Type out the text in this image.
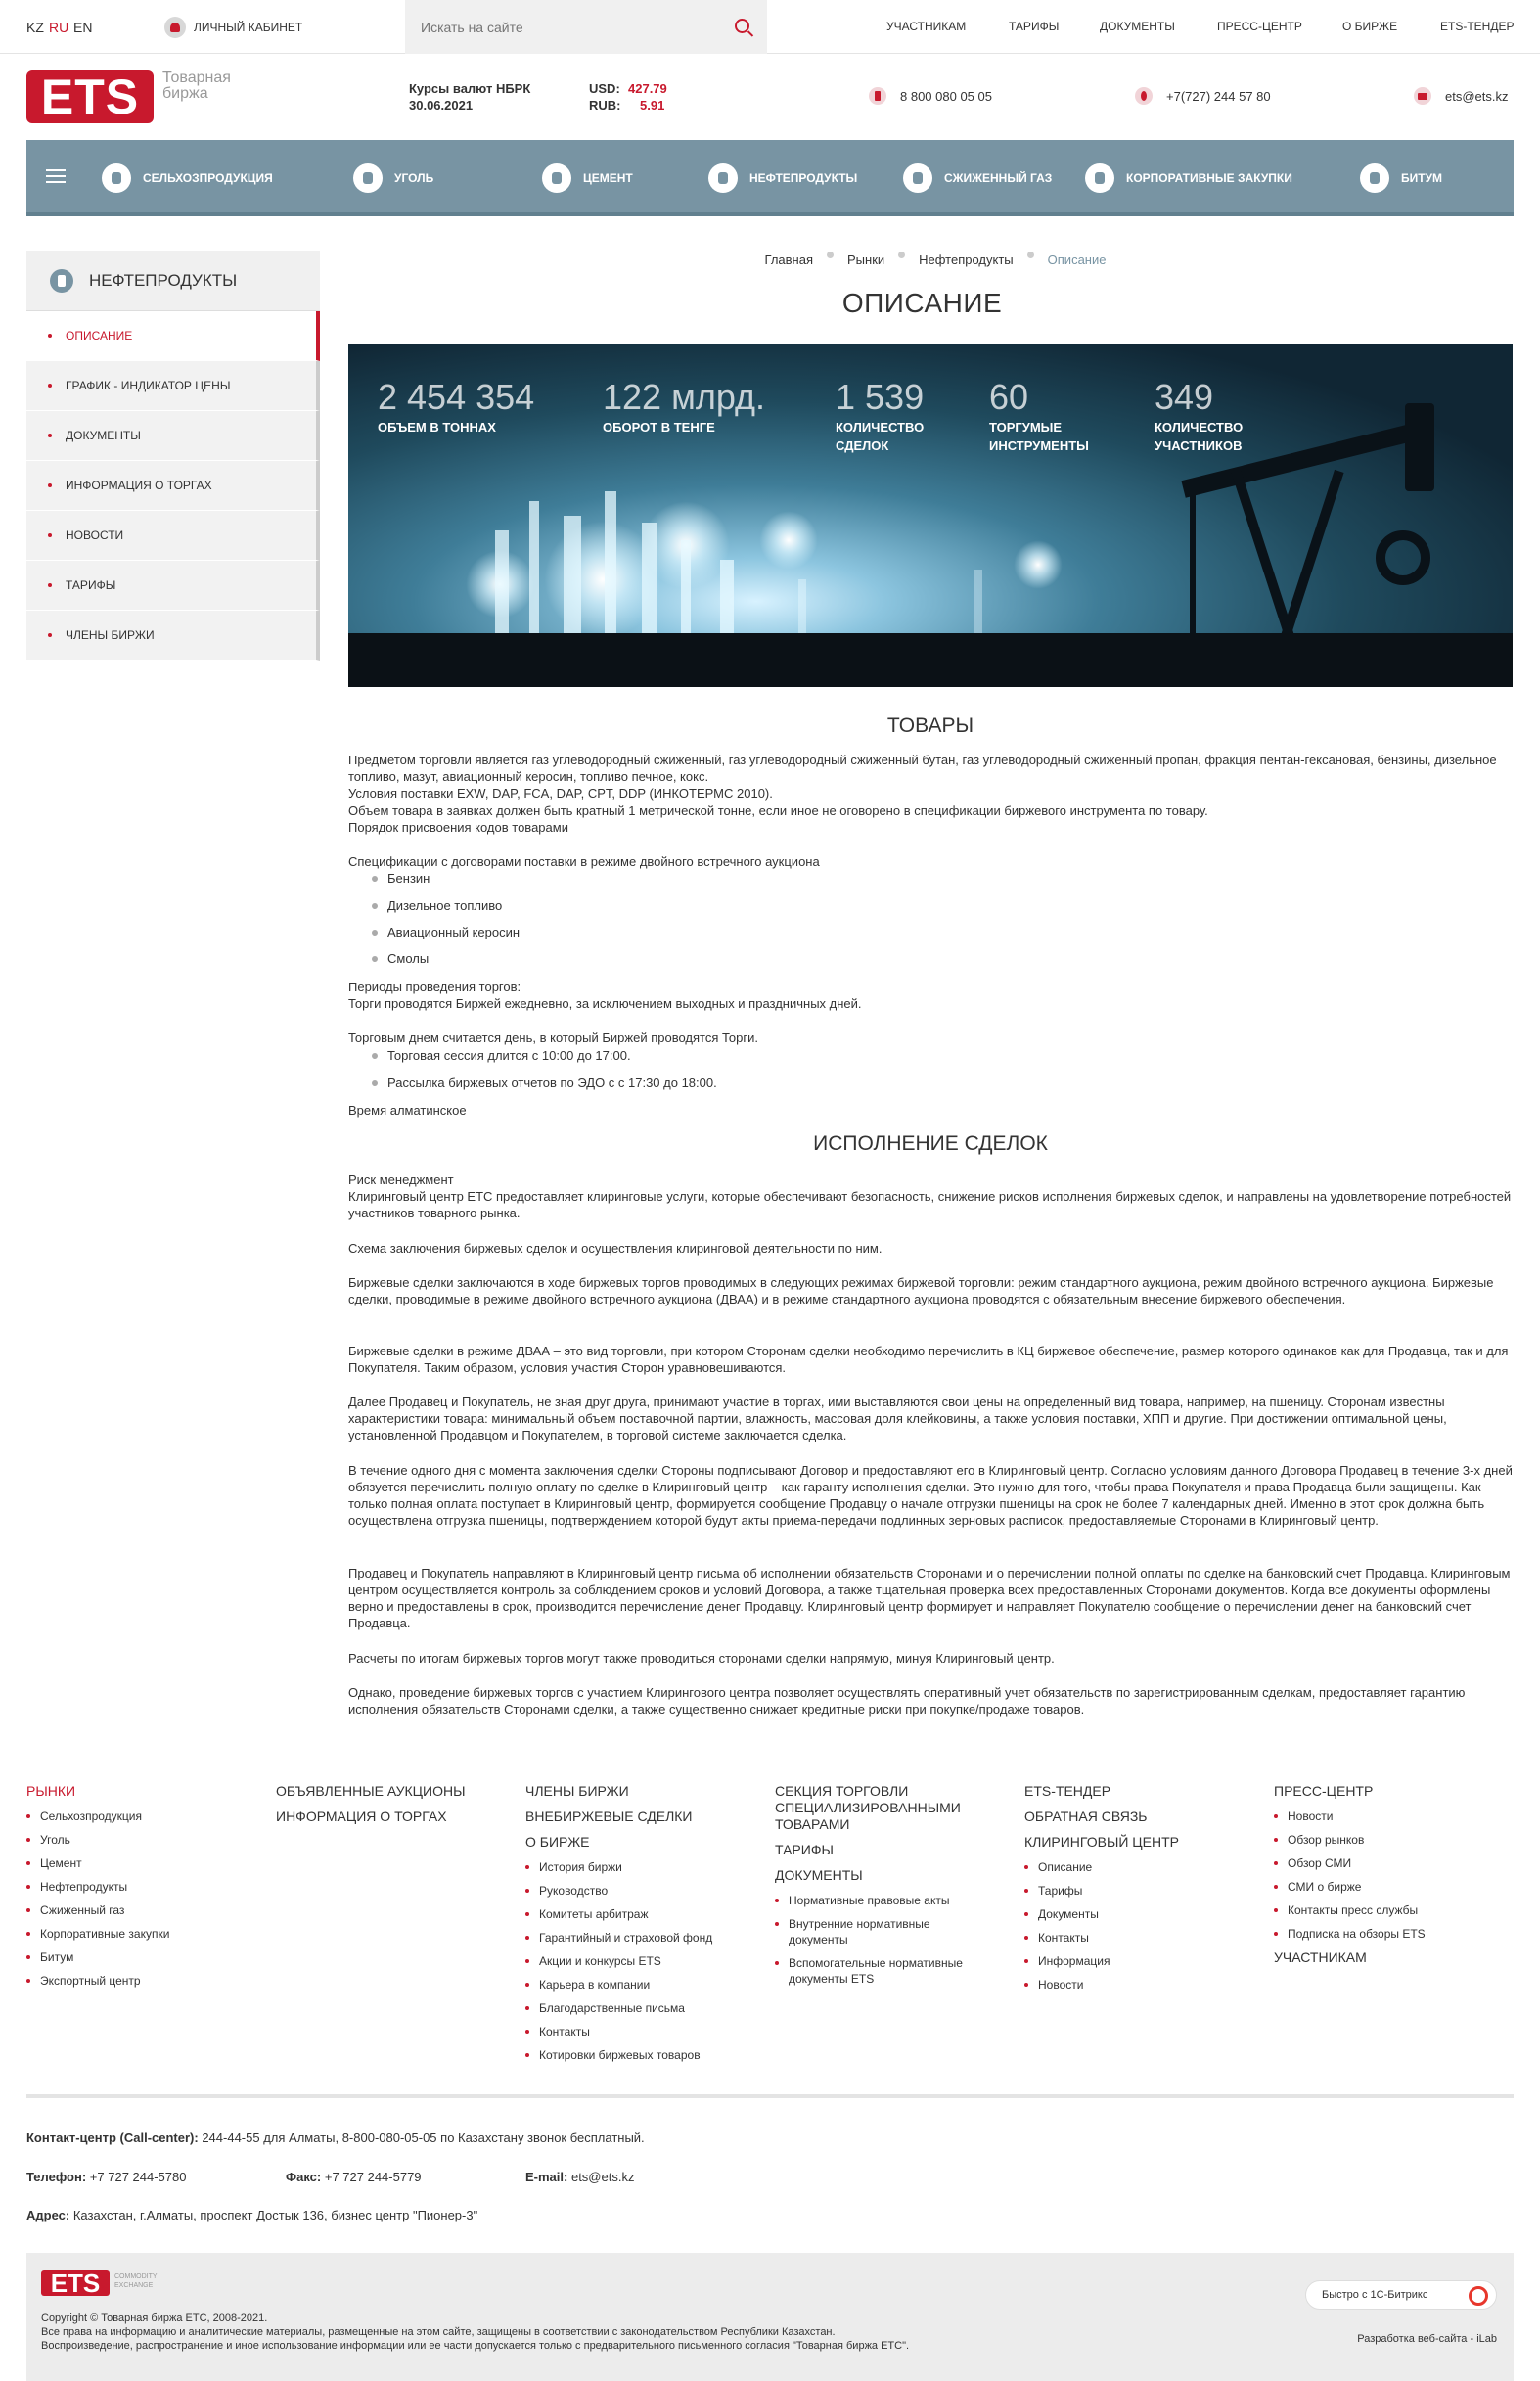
KZ RU EN	ЛИЧНЫЙ КАБИНЕТ
Искать на сайте	УЧАСТНИКАМ	ТАРИФЫ	ДОКУМЕНТЫ	ПРЕСС-ЦЕНТР	О БИРЖЕ	ETS-ТЕНДЕР
ETS	Товарная
биржа	Курсы валют НБРК
30.06.2021
USD: 427.79
RUB: 5.91
8 800 080 05 05	+7(727) 244 57 80	ets@ets.kz
СЕЛЬХОЗПРОДУКЦИЯ	УГОЛЬ	ЦЕМЕНТ	НЕФТЕПРОДУКТЫ	СЖИЖЕННЫЙ ГАЗ	КОРПОРАТИВНЫЕ ЗАКУПКИ	БИТУМ
НЕФТЕПРОДУКТЫ
ОПИСАНИЕ
ГРАФИК - ИНДИКАТОР ЦЕНЫ
ДОКУМЕНТЫ
ИНФОРМАЦИЯ О ТОРГАХ
НОВОСТИ
ТАРИФЫ
ЧЛЕНЫ БИРЖИ
Главная	Рынки	Нефтепродукты	Описание
ОПИСАНИЕ
2 454 354
ОБЪЕМ В ТОННАХ
122 млрд.
ОБОРОТ В ТЕНГЕ
1 539
КОЛИЧЕСТВО
СДЕЛОК
60
ТОРГУМЫЕ
ИНСТРУМЕНТЫ
349
КОЛИЧЕСТВО
УЧАСТНИКОВ
ТОВАРЫ
Предметом торговли является газ углеводородный сжиженный, газ углеводородный сжиженный бутан, газ углеводородный сжиженный пропан, фракция пентан-гексановая, бензины, дизельное топливо, мазут, авиационный керосин, топливо печное, кокс.
Условия поставки EXW, DAP, FCA, DAP, CPT, DDP (ИНКОТЕРМС 2010).
Объем товара в заявках должен быть кратный 1 метрической тонне, если иное не оговорено в спецификации биржевого инструмента по товару.
Порядок присвоения кодов товарами
Спецификации с договорами поставки в режиме двойного встречного аукциона
Бензин
Дизельное топливо
Авиационный керосин
Смолы
Периоды проведения торгов:
Торги проводятся Биржей ежедневно, за исключением выходных и праздничных дней.
Торговым днем считается день, в который Биржей проводятся Торги.
Торговая сессия длится с 10:00 до 17:00.
Рассылка биржевых отчетов по ЭДО с с 17:30 до 18:00.
Время алматинское
ИСПОЛНЕНИЕ СДЕЛОК
Риск менеджмент
Клиринговый центр ЕТС предоставляет клиринговые услуги, которые обеспечивают безопасность, снижение рисков исполнения биржевых сделок, и направлены на удовлетворение потребностей участников товарного рынка.
Схема заключения биржевых сделок и осуществления клиринговой деятельности по ним.
Биржевые сделки заключаются в ходе биржевых торгов проводимых в следующих режимах биржевой торговли: режим стандартного аукциона, режим двойного встречного аукциона. Биржевые сделки, проводимые в режиме двойного встречного аукциона (ДВАА) и в режиме стандартного аукциона проводятся с обязательным внесение биржевого обеспечения.
Биржевые сделки в режиме ДВАА – это вид торговли, при котором Сторонам сделки необходимо перечислить в КЦ биржевое обеспечение, размер которого одинаков как для Продавца, так и для Покупателя. Таким образом, условия участия Сторон уравновешиваются.
Далее Продавец и Покупатель, не зная друг друга, принимают участие в торгах, ими выставляются свои цены на определенный вид товара, например, на пшеницу. Сторонам известны характеристики товара: минимальный объем поставочной партии, влажность, массовая доля клейковины, а также условия поставки, ХПП и другие. При достижении оптимальной цены, установленной Продавцом и Покупателем, в торговой системе заключается сделка.
В течение одного дня с момента заключения сделки Стороны подписывают Договор и предоставляют его в Клиринговый центр. Согласно условиям данного Договора Продавец в течение 3-х дней обязуется перечислить полную оплату по сделке в Клиринговый центр – как гаранту исполнения сделки. Это нужно для того, чтобы права Покупателя и права Продавца были защищены. Как только полная оплата поступает в Клиринговый центр, формируется сообщение Продавцу о начале отгрузки пшеницы на срок не более 7 календарных дней. Именно в этот срок должна быть осуществлена отгрузка пшеницы, подтверждением которой будут акты приема-передачи подлинных зерновых расписок, предоставляемые Сторонами в Клиринговый центр.
Продавец и Покупатель направляют в Клиринговый центр письма об исполнении обязательств Сторонами и о перечислении полной оплаты по сделке на банковский счет Продавца. Клиринговым центром осуществляется контроль за соблюдением сроков и условий Договора, а также тщательная проверка всех предоставленных Сторонами документов. Когда все документы оформлены верно и предоставлены в срок, производится перечисление денег Продавцу. Клиринговый центр формирует и направляет Покупателю сообщение о перечислении денег на банковский счет Продавца.
Расчеты по итогам биржевых торгов могут также проводиться сторонами сделки напрямую, минуя Клиринговый центр.
Однако, проведение биржевых торгов с участием Клирингового центра позволяет осуществлять оперативный учет обязательств по зарегистрированным сделкам, предоставляет гарантию исполнения обязательств Сторонами сделки, а также существенно снижает кредитные риски при покупке/продаже товаров.
РЫНКИ
Сельхозпродукция
Уголь
Цемент
Нефтепродукты
Сжиженный газ
Корпоративные закупки
Битум
Экспортный центр
ОБЪЯВЛЕННЫЕ АУКЦИОНЫ
ИНФОРМАЦИЯ О ТОРГАХ
ЧЛЕНЫ БИРЖИ
ВНЕБИРЖЕВЫЕ СДЕЛКИ
О БИРЖЕ
История биржи
Руководство
Комитеты арбитраж
Гарантийный и страховой фонд
Акции и конкурсы ETS
Карьера в компании
Благодарственные письма
Контакты
Котировки биржевых товаров
СЕКЦИЯ ТОРГОВЛИ
СПЕЦИАЛИЗИРОВАННЫМИ
ТОВАРАМИ
ТАРИФЫ
ДОКУМЕНТЫ
Нормативные правовые акты
Внутренние нормативные
документы
Вспомогательные нормативные
документы ETS
ETS-ТЕНДЕР
ОБРАТНАЯ СВЯЗЬ
КЛИРИНГОВЫЙ ЦЕНТР
Описание
Тарифы
Документы
Контакты
Информация
Новости
ПРЕСС-ЦЕНТР
Новости
Обзор рынков
Обзор СМИ
СМИ о бирже
Контакты пресс службы
Подписка на обзоры ETS
УЧАСТНИКАМ
Контакт-центр (Call-center): 244-44-55 для Алматы, 8-800-080-05-05 по Казахстану звонок бесплатный.
Телефон: +7 727 244-5780	Факс: +7 727 244-5779	E-mail: ets@ets.kz
Адрес: Казахстан, г.Алматы, проспект Достык 136, бизнес центр "Пионер-3"
ETS	COMMODITY
EXCHANGE
Copyright © Товарная биржа ЕТС, 2008-2021.
Все права на информацию и аналитические материалы, размещенные на этом сайте, защищены в соответствии с законодательством Республики Казахстан.
Воспроизведение, распространение и иное использование информации или ее части допускается только с предварительного письменного согласия "Товарная биржа ЕТС".
Быстро с 1С-Битрикс
Разработка веб-сайта - iLab
